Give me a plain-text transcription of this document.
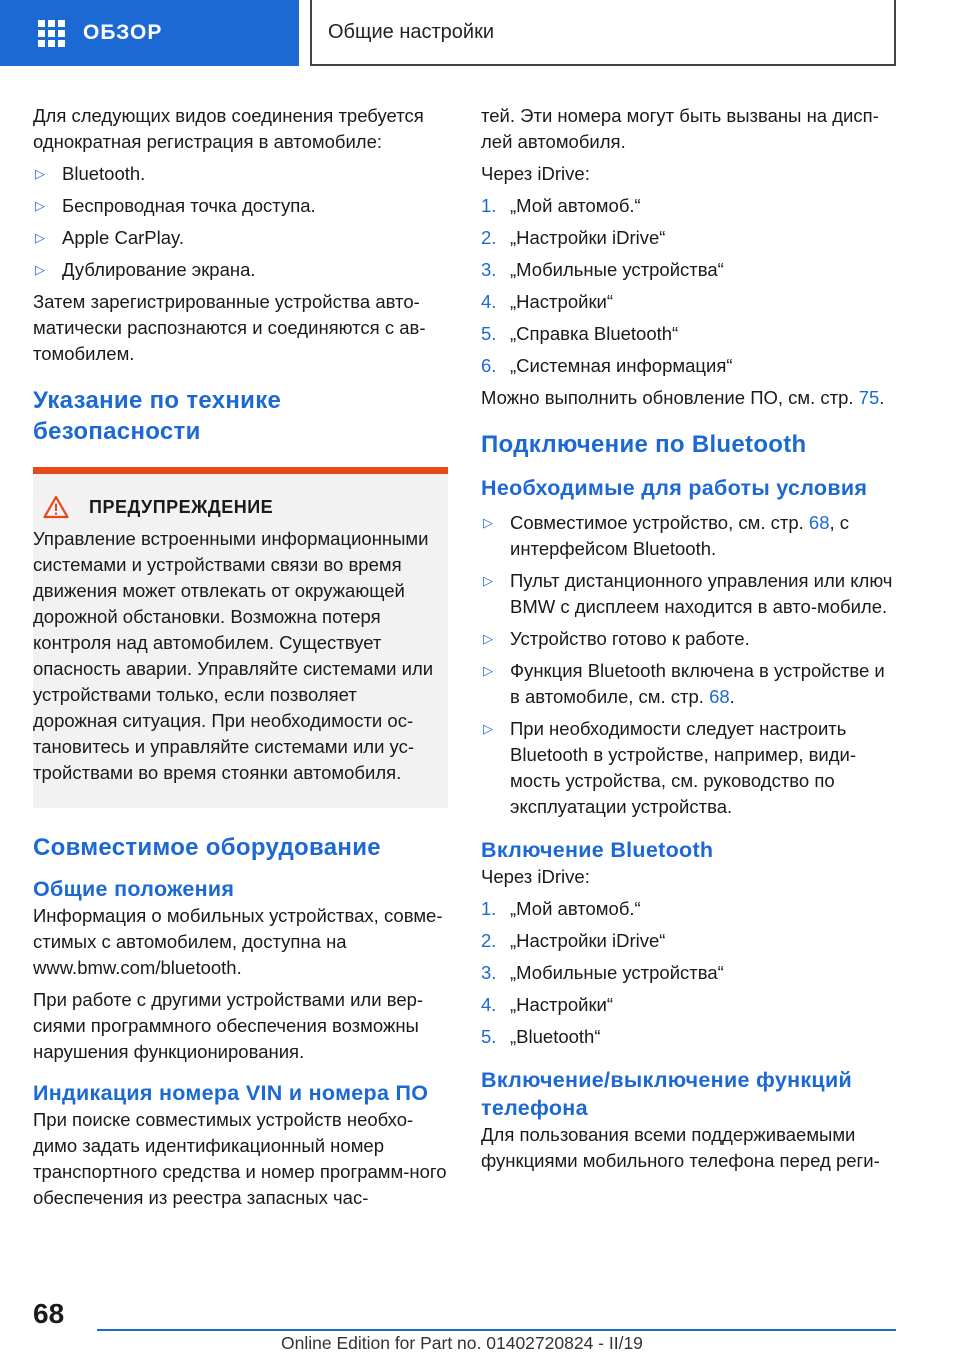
ОБЗОР	Общие настройки

Для следующих видов соединения требуется однократная регистрация в автомобиле:

▷ Bluetooth.
▷ Беспроводная точка доступа.
▷ Apple CarPlay.
▷ Дублирование экрана.

Затем зарегистрированные устройства авто-матически распознаются и соединяются с ав-томобилем.

Указание по технике безопасности
ПРЕДУПРЕЖДЕНИЕ
Управление встроенными информационными системами и устройствами связи во время движения может отвлекать от окружающей дорожной обстановки. Возможна потеря контроля над автомобилем. Существует опасность аварии. Управляйте системами или устройствами только, если позволяет дорожная ситуация. При необходимости ос-тановитесь и управляйте системами или ус-тройствами во время стоянки автомобиля.
Совместимое оборудование
Общие положения

Информация о мобильных устройствах, совме-стимых с автомобилем, доступна на www.bmw.com/bluetooth.

При работе с другими устройствами или вер-сиями программного обеспечения возможны нарушения функционирования.

Индикация номера VIN и номера ПО

При поиске совместимых устройств необхо-димо задать идентификационный номер транспортного средства и номер программ-ного обеспечения из реестра запасных час-

тей. Эти номера могут быть вызваны на дисп-лей автомобиля.

Через iDrive:

1. „Мой автомоб.“
2. „Настройки iDrive“
3. „Мобильные устройства“
4. „Настройки“
5. „Справка Bluetooth“
6. „Системная информация“

Можно выполнить обновление ПО, см. стр. 75.

Подключение по Bluetooth
Необходимые для работы условия
▷ Совместимое устройство, см. стр. 68, с интерфейсом Bluetooth.
▷ Пульт дистанционного управления или ключ BMW с дисплеем находится в авто-мобиле.
▷ Устройство готово к работе.
▷ Функция Bluetooth включена в устройстве и в автомобиле, см. стр. 68.
▷ При необходимости следует настроить Bluetooth в устройстве, например, види-мость устройства, см. руководство по эксплуатации устройства.
Включение Bluetooth

Через iDrive:

1. „Мой автомоб.“
2. „Настройки iDrive“
3. „Мобильные устройства“
4. „Настройки“
5. „Bluetooth“
Включение/выключение функций телефона

Для пользования всеми поддерживаемыми функциями мобильного телефона перед реги-

68
Online Edition for Part no. 01402720824 - II/19
